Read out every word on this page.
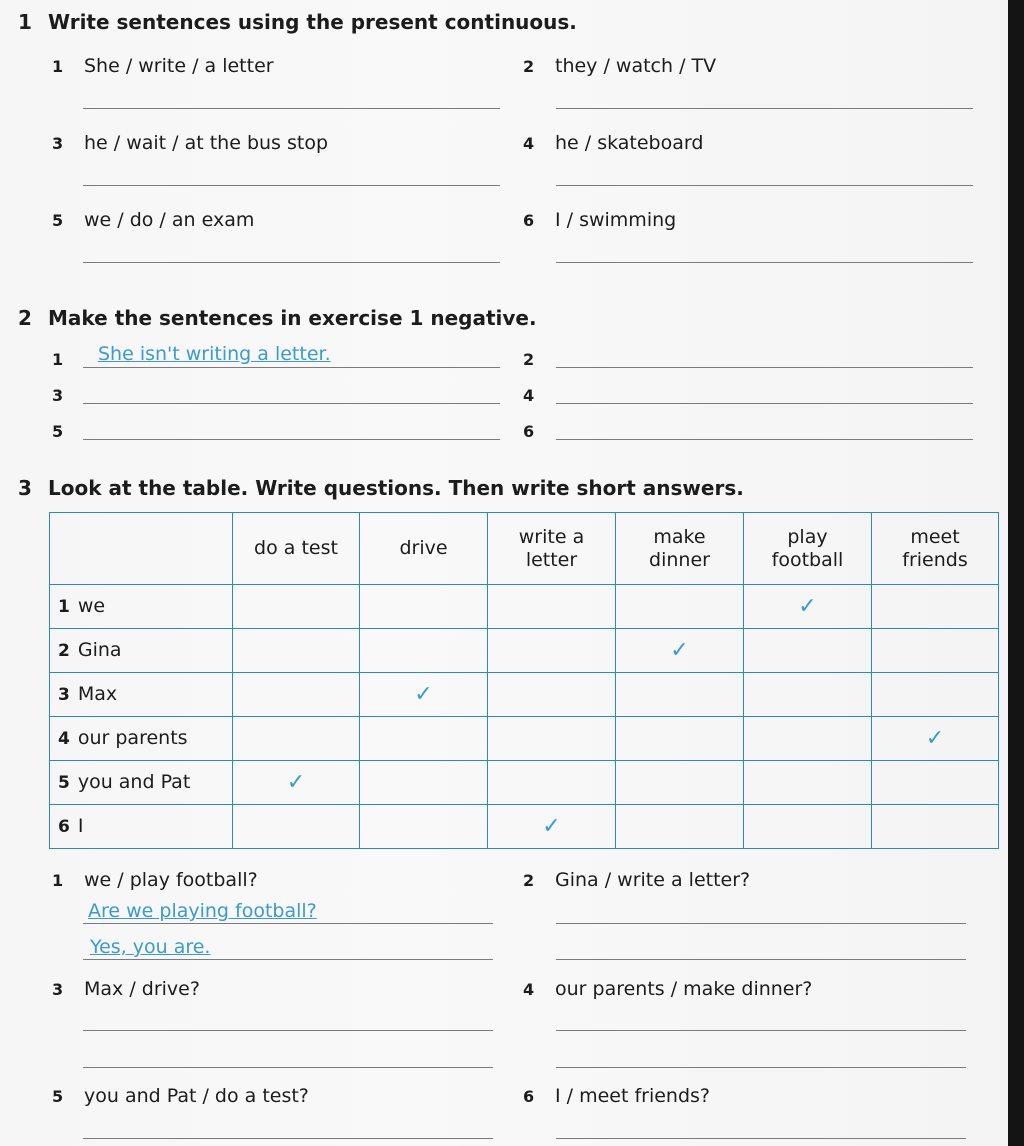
1 Write sentences using the present continuous.
1 She / write / a letter	2 they / watch / TV
3 he / wait / at the bus stop	4 he / skateboard
5 we / do / an exam	6 I / swimming
2 Make the sentences in exercise 1 negative.
1 She isn't writing a letter.	2
3	4
5	6
3 Look at the table. Write questions. Then write short answers.
	do a test	drive	write a letter	make dinner	play football	meet friends
1 we					✓	
2 Gina				✓		
3 Max		✓				
4 our parents						✓
5 you and Pat	✓					
6 I			✓			
1 we / play football?	2 Gina / write a letter?
Are we playing football?
Yes, you are.
3 Max / drive?	4 our parents / make dinner?
5 you and Pat / do a test?	6 I / meet friends?
